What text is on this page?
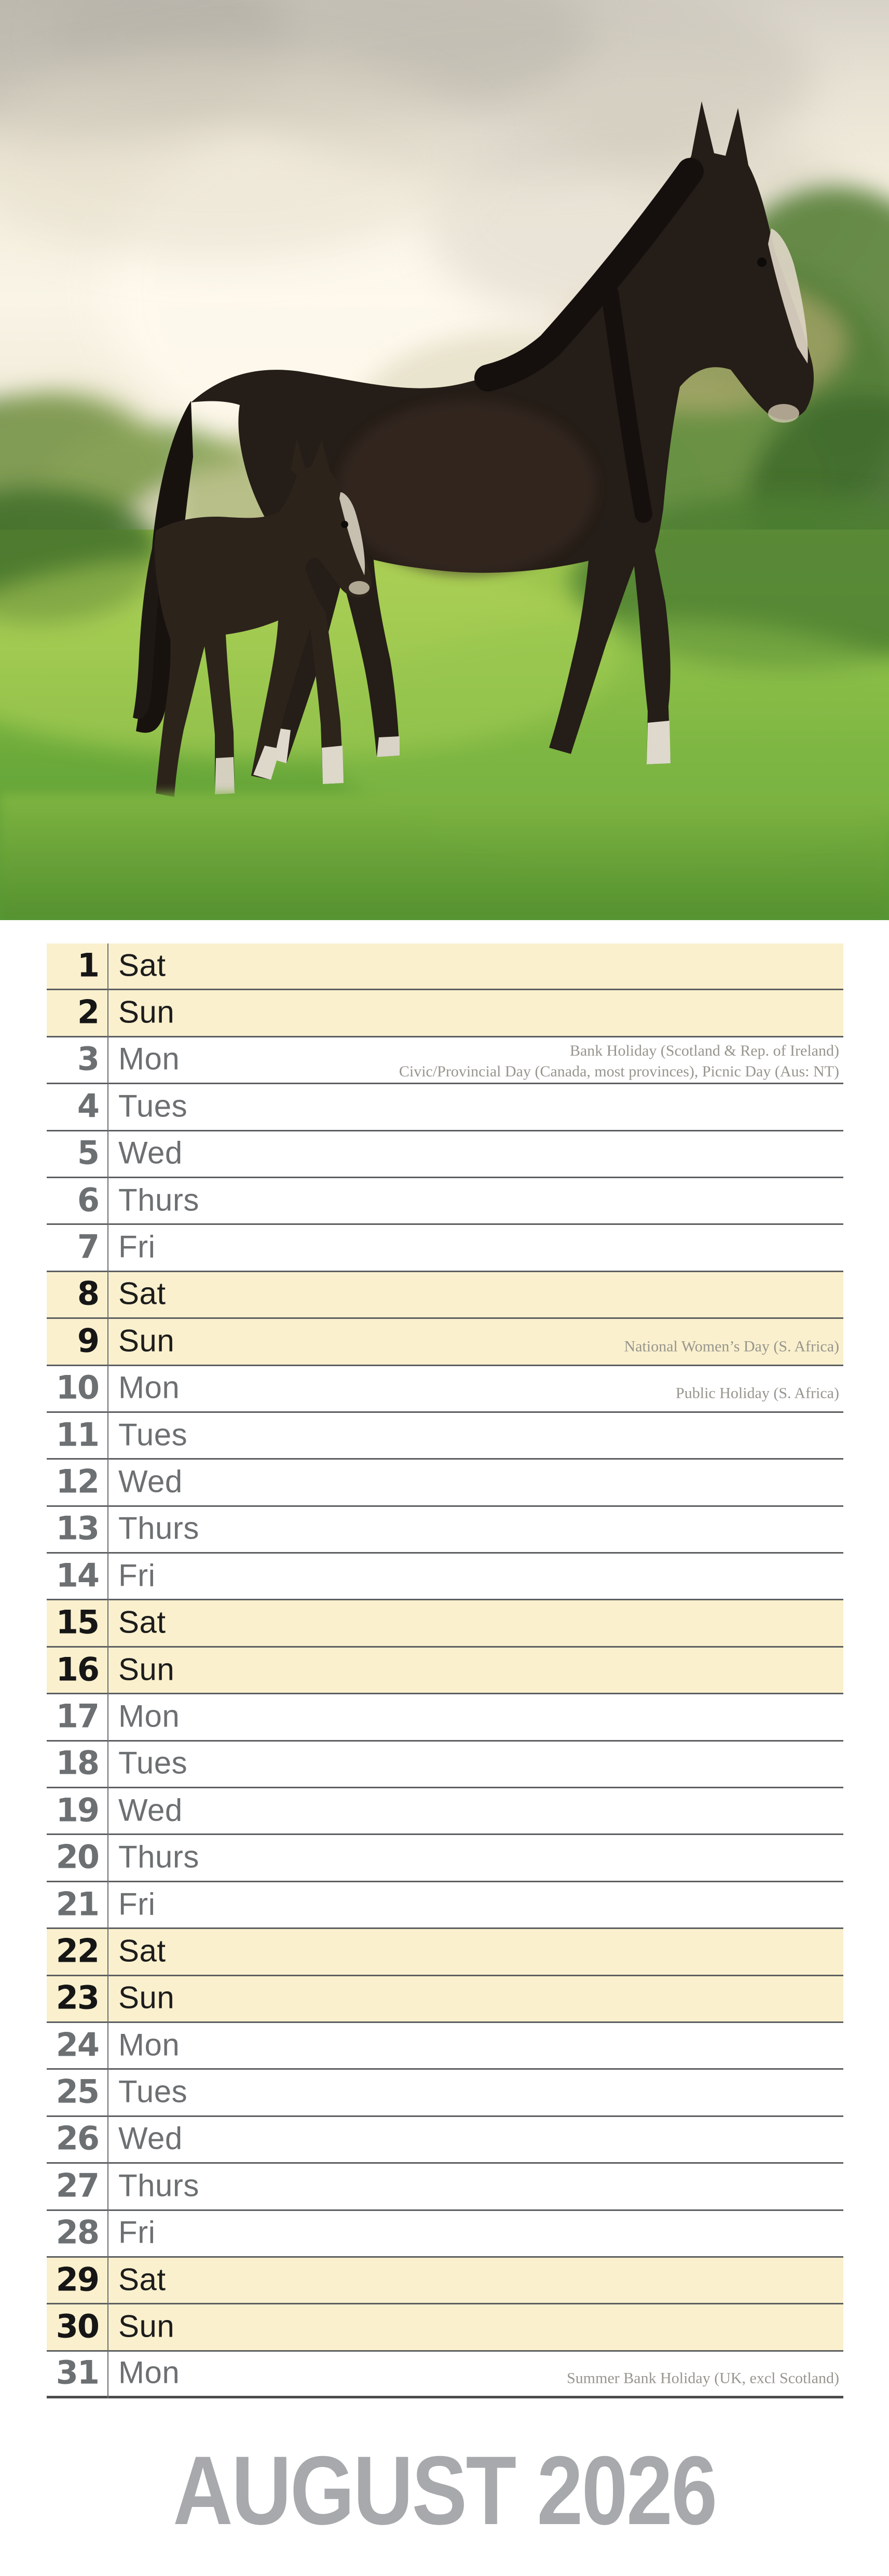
1 Sat
2 Sun
3 Mon	Bank Holiday (Scotland & Rep. of Ireland)
Civic/Provincial Day (Canada, most provinces), Picnic Day (Aus: NT)
4 Tues
5 Wed
6 Thurs
7 Fri
8 Sat
9 Sun	National Women’s Day (S. Africa)
10 Mon	Public Holiday (S. Africa)
11 Tues
12 Wed
13 Thurs
14 Fri
15 Sat
16 Sun
17 Mon
18 Tues
19 Wed
20 Thurs
21 Fri
22 Sat
23 Sun
24 Mon
25 Tues
26 Wed
27 Thurs
28 Fri
29 Sat
30 Sun
31 Mon	Summer Bank Holiday (UK, excl Scotland)
AUGUST 2026
